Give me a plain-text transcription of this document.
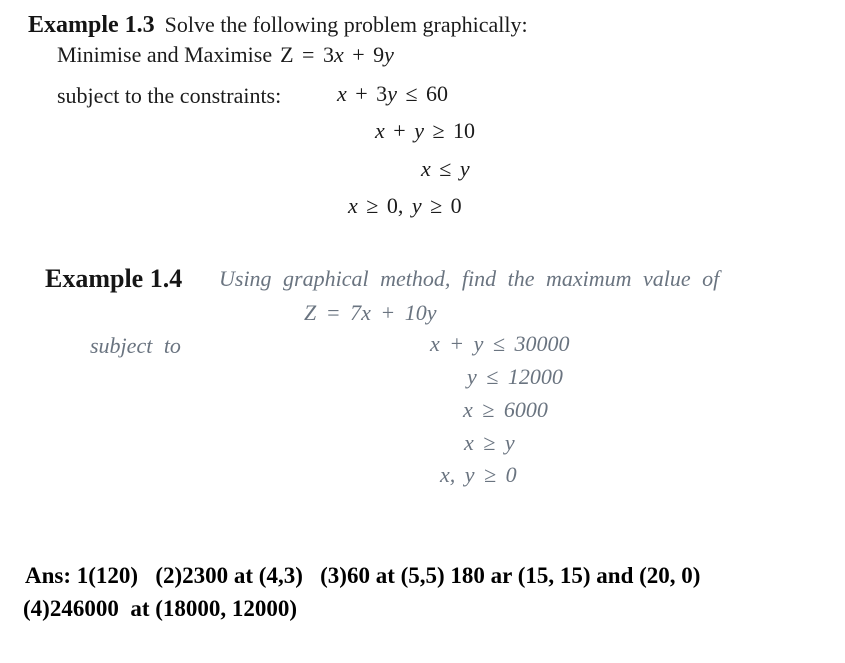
Example 1.3 Solve the following problem graphically:
Minimise and Maximise Z = 3x + 9y
subject to the constraints:	x + 3y ≤ 60
x + y ≥ 10
x ≤ y
x ≥ 0, y ≥ 0
Example 1.4 Using graphical method, find the maximum value of
Z = 7x + 10y
subject to	x + y ≤ 30000
y ≤ 12000
x ≥ 6000
x ≥ y
x, y ≥ 0
Ans: 1(120)   (2)2300 at (4,3)   (3)60 at (5,5) 180 ar (15, 15) and (20, 0)
(4)246000  at (18000, 12000)
